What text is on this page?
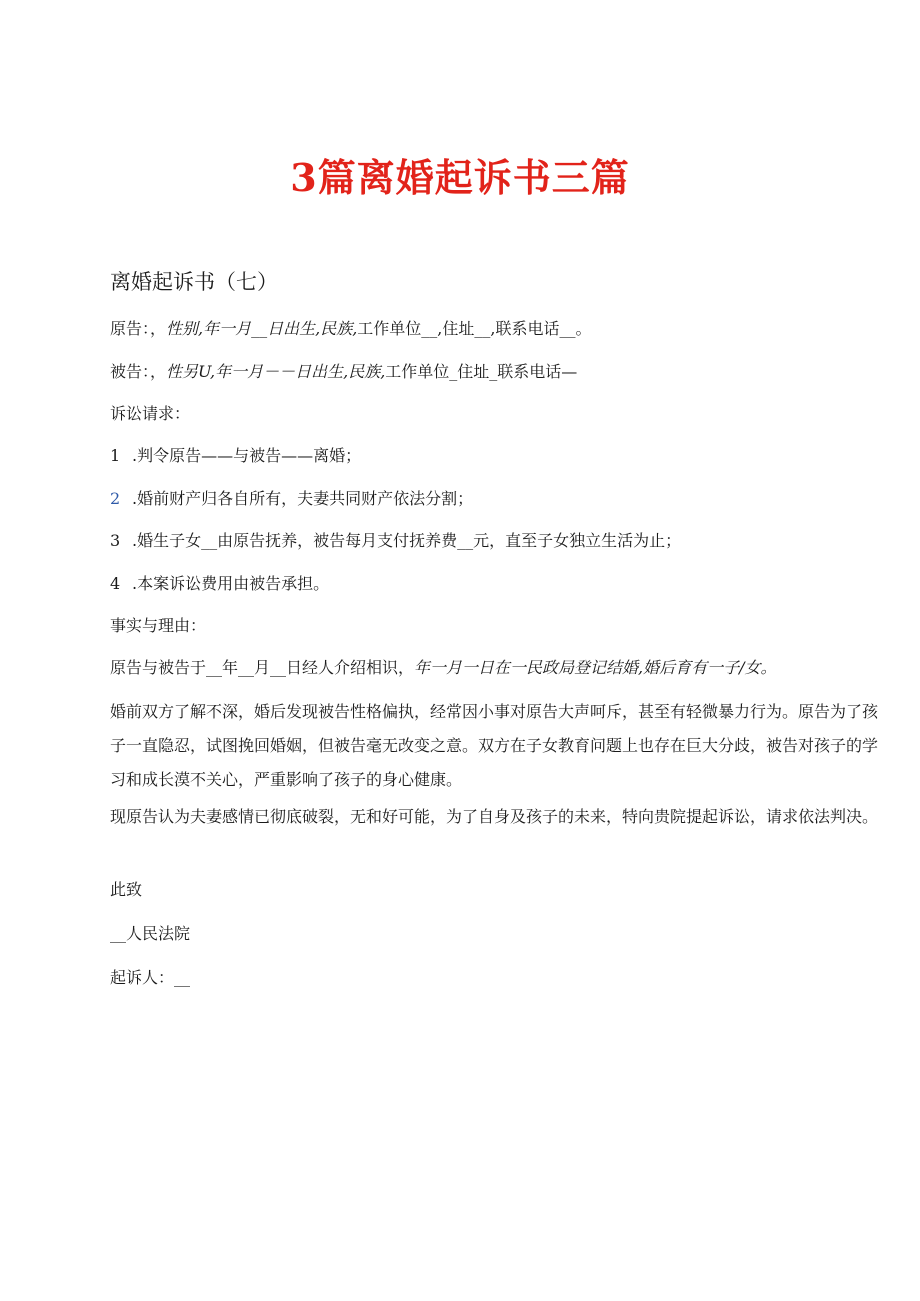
3篇离婚起诉书三篇
离婚起诉书（七）

原告：，性别,年一月__日出生,民族,工作单位__,住址__,联系电话__。

被告：，性另U,年一月－－日出生,民族,工作单位_住址_联系电话—

诉讼请求：

1 .判令原告——与被告——离婚；

2 .婚前财产归各自所有，夫妻共同财产依法分割；

3 .婚生子女__由原告抚养，被告每月支付抚养费__元，直至子女独立生活为止；

4 .本案诉讼费用由被告承担。

事实与理由：

原告与被告于__年__月__日经人介绍相识，年一月一日在一民政局登记结婚,婚后育有一子/女。

婚前双方了解不深，婚后发现被告性格偏执，经常因小事对原告大声呵斥，甚至有轻微暴力行为。原告为了孩子一直隐忍，试图挽回婚姻，但被告毫无改变之意。双方在子女教育问题上也存在巨大分歧，被告对孩子的学习和成长漠不关心，严重影响了孩子的身心健康。

现原告认为夫妻感情已彻底破裂，无和好可能，为了自身及孩子的未来，特向贵院提起诉讼，请求依法判决。

此致

__人民法院

起诉人：__
